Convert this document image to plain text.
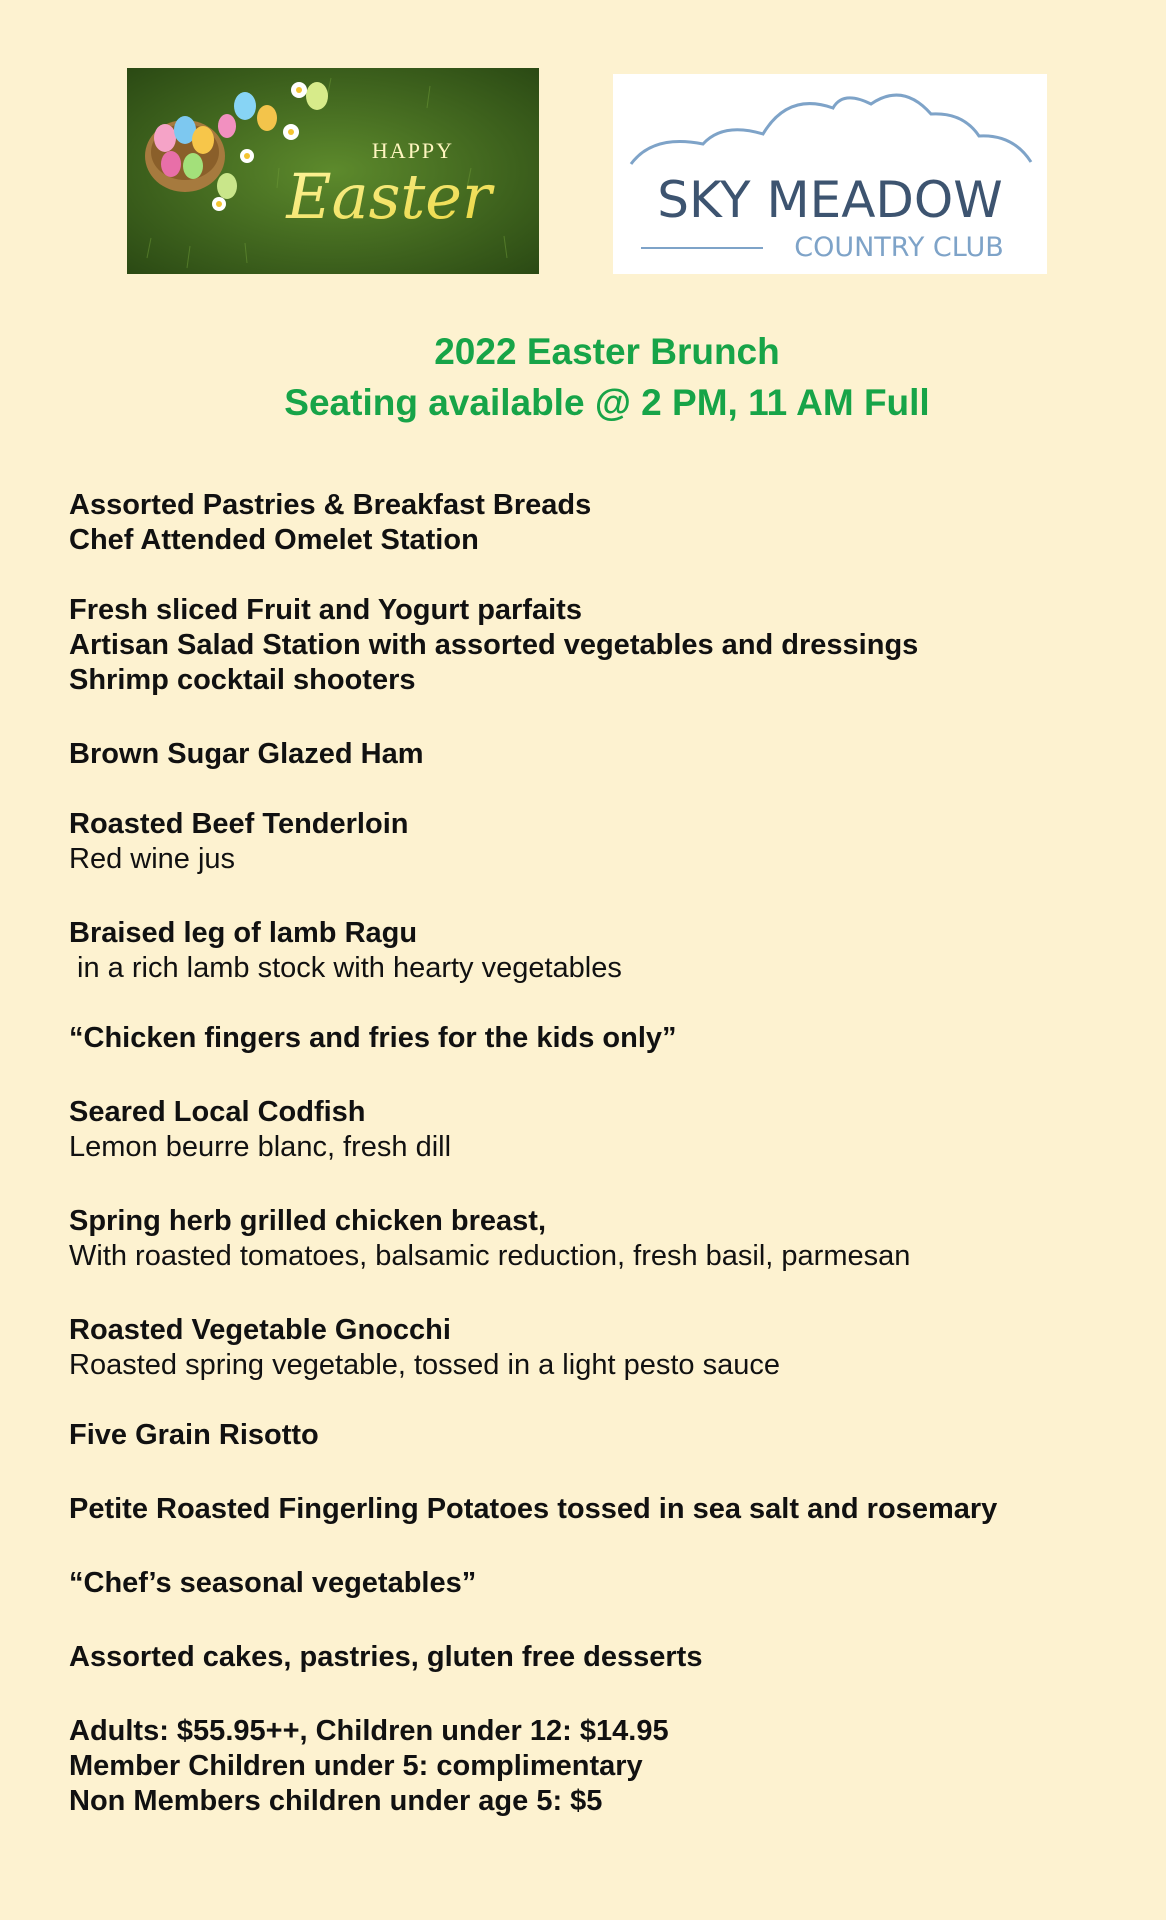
HAPPY
Easter	SKY MEADOW
COUNTRY CLUB
2022 Easter Brunch
Seating available @ 2 PM, 11 AM Full
Assorted Pastries & Breakfast Breads
Chef Attended Omelet Station
Fresh sliced Fruit and Yogurt parfaits
Artisan Salad Station with assorted vegetables and dressings
Shrimp cocktail shooters
Brown Sugar Glazed Ham
Roasted Beef Tenderloin
Red wine jus
Braised leg of lamb Ragu
in a rich lamb stock with hearty vegetables
“Chicken fingers and fries for the kids only”
Seared Local Codfish
Lemon beurre blanc, fresh dill
Spring herb grilled chicken breast,
With roasted tomatoes, balsamic reduction, fresh basil, parmesan
Roasted Vegetable Gnocchi
Roasted spring vegetable, tossed in a light pesto sauce
Five Grain Risotto
Petite Roasted Fingerling Potatoes tossed in sea salt and rosemary
“Chef’s seasonal vegetables”
Assorted cakes, pastries, gluten free desserts
Adults: $55.95++, Children under 12: $14.95
Member Children under 5: complimentary
Non Members children under age 5: $5
